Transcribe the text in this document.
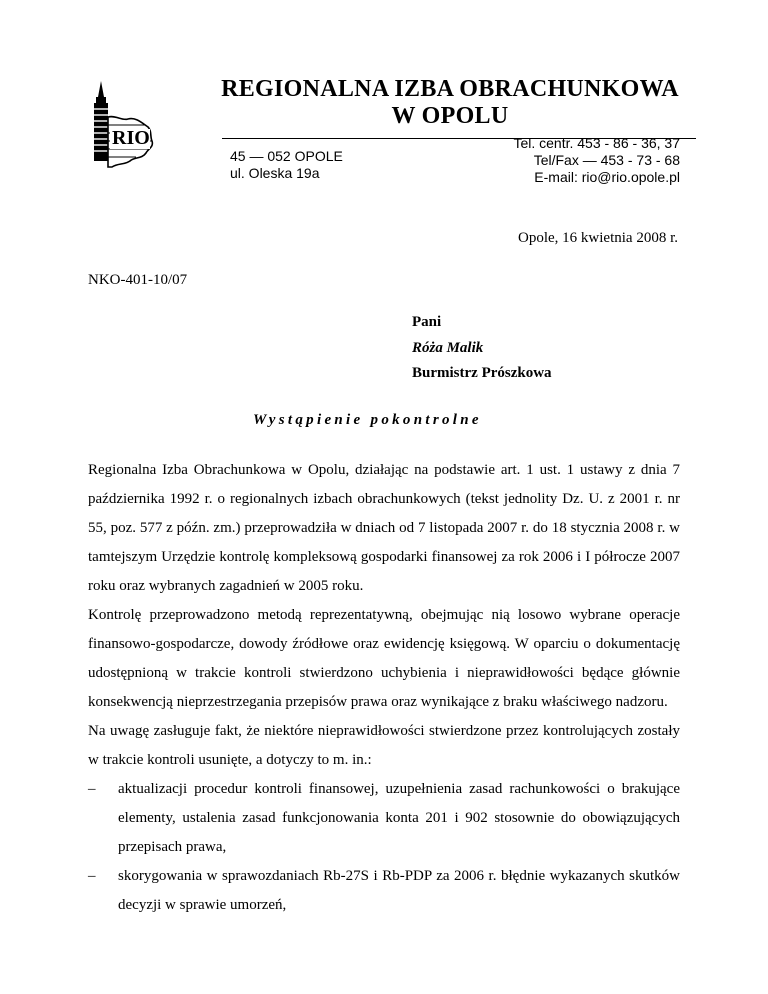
RIO
REGIONALNA IZBA OBRACHUNKOWA
W OPOLU
45 — 052 OPOLE
ul. Oleska 19a
Tel. centr. 453 - 86 - 36, 37
Tel/Fax — 453 - 73 - 68
E-mail: rio@rio.opole.pl
Opole, 16 kwietnia 2008 r.
NKO-401-10/07
Pani
Róża Malik
Burmistrz Prószkowa
Wystąpienie pokontrolne

Regionalna Izba Obrachunkowa w Opolu, działając na podstawie art. 1 ust. 1 ustawy z dnia 7 października 1992 r. o regionalnych izbach obrachunkowych (tekst jednolity Dz. U. z 2001 r. nr 55, poz. 577 z późn. zm.) przeprowadziła w dniach od 7 listopada 2007 r. do 18 stycznia 2008 r. w tamtejszym Urzędzie kontrolę kompleksową gospodarki finansowej za rok 2006 i I półrocze 2007 roku oraz wybranych zagadnień w 2005 roku.

Kontrolę przeprowadzono metodą reprezentatywną, obejmując nią losowo wybrane operacje finansowo-gospodarcze, dowody źródłowe oraz ewidencję księgową. W oparciu o dokumentację udostępnioną w trakcie kontroli stwierdzono uchybienia i nieprawidłowości będące głównie konsekwencją nieprzestrzegania przepisów prawa oraz wynikające z braku właściwego nadzoru.

Na uwagę zasługuje fakt, że niektóre nieprawidłowości stwierdzone przez kontrolujących zostały w trakcie kontroli usunięte, a dotyczy to m. in.:

– aktualizacji procedur kontroli finansowej, uzupełnienia zasad rachunkowości o brakujące elementy, ustalenia zasad funkcjonowania konta 201 i 902 stosownie do obowiązujących przepisach prawa,
– skorygowania w sprawozdaniach Rb-27S i Rb-PDP za 2006 r. błędnie wykazanych skutków decyzji w sprawie umorzeń,
